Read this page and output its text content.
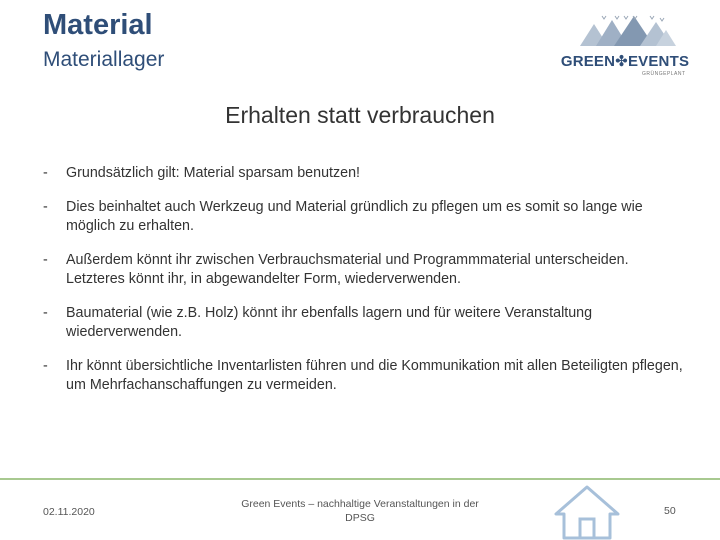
Material
Materiallager	GREEN✤EVENTS
GRÜNGEPLANT
Erhalten statt verbrauchen
- Grundsätzlich gilt: Material sparsam benutzen!
- Dies beinhaltet auch Werkzeug und Material gründlich zu pflegen um es somit so lange wie möglich zu erhalten.
- Außerdem könnt ihr zwischen Verbrauchsmaterial und Programmmaterial unterscheiden. Letzteres könnt ihr, in abgewandelter Form, wiederverwenden.
- Baumaterial (wie z.B. Holz) könnt ihr ebenfalls lagern und für weitere Veranstaltung wiederverwenden.
- Ihr könnt übersichtliche Inventarlisten führen und die Kommunikation mit allen Beteiligten pflegen, um Mehrfachanschaffungen zu vermeiden.
02.11.2020
Green Events – nachhaltige Veranstaltungen in der DPSG
50
